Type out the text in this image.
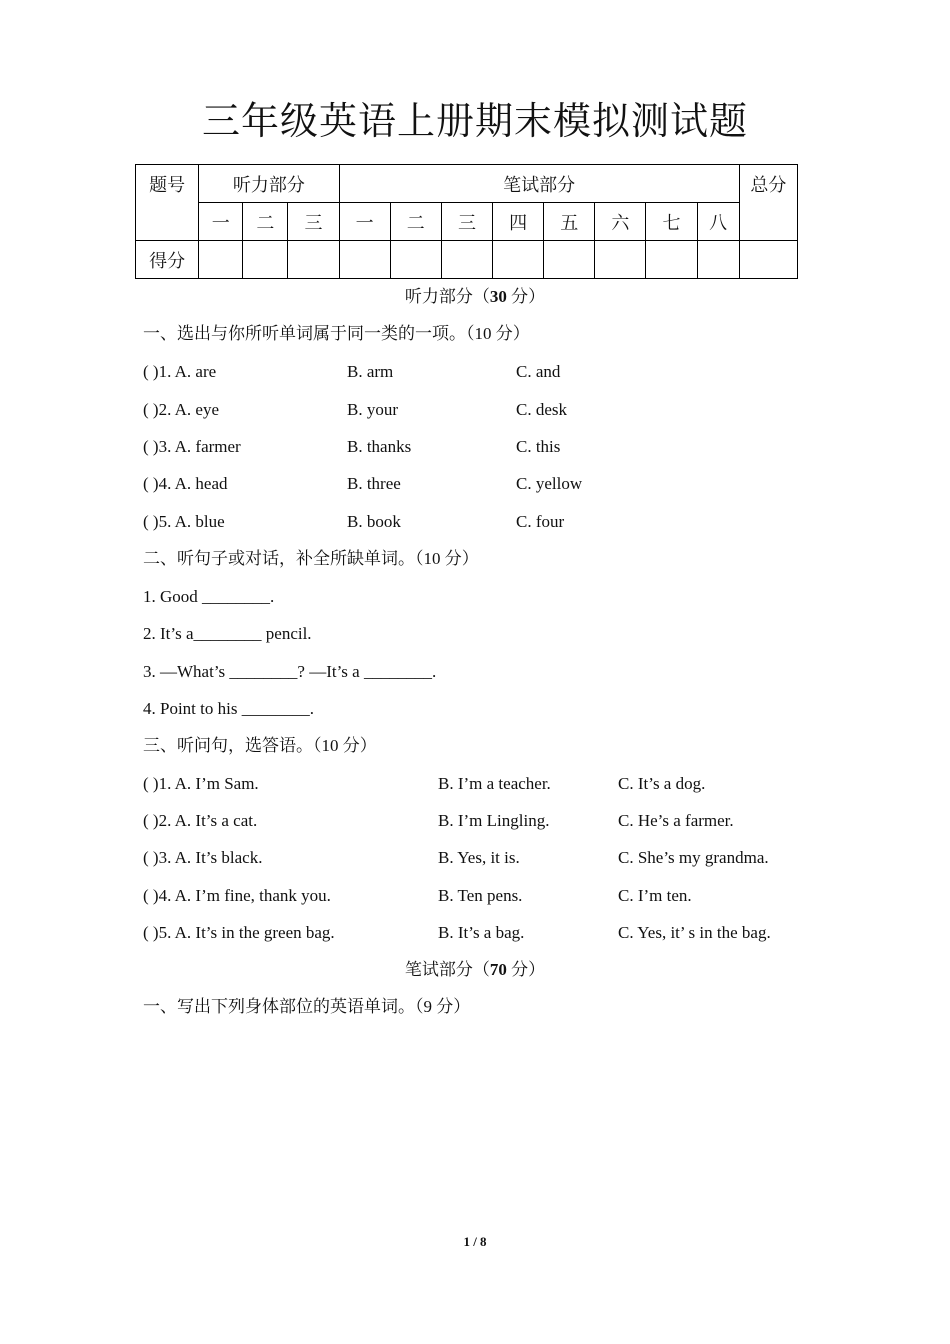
三年级英语上册期末模拟测试题
题号	听力部分			笔试部分								总分
	一	二	三	一	二	三	四	五	六	七	八	
得分												
听力部分（30 分）
一、选出与你所听单词属于同一类的一项。（10 分）
( )1. A. are	B. arm	C. and
( )2. A. eye	B. your	C. desk
( )3. A. farmer	B. thanks	C. this
( )4. A. head	B. three	C. yellow
( )5. A. blue	B. book	C. four
二、听句子或对话，补全所缺单词。（10 分）
1. Good ________.
2. It’s a________ pencil.
3. —What’s ________? —It’s a ________.
4. Point to his ________.
三、听问句，选答语。（10 分）
( )1. A. I’m Sam.	B. I’m a teacher.	C. It’s a dog.
( )2. A. It’s a cat.	B. I’m Lingling.	C. He’s a farmer.
( )3. A. It’s black.	B. Yes, it is.	C. She’s my grandma.
( )4. A. I’m fine, thank you.	B. Ten pens.	C. I’m ten.
( )5. A. It’s in the green bag.	B. It’s a bag.	C. Yes, it’ s in the bag.
笔试部分（70 分）
一、写出下列身体部位的英语单词。（9 分）
1 / 8
